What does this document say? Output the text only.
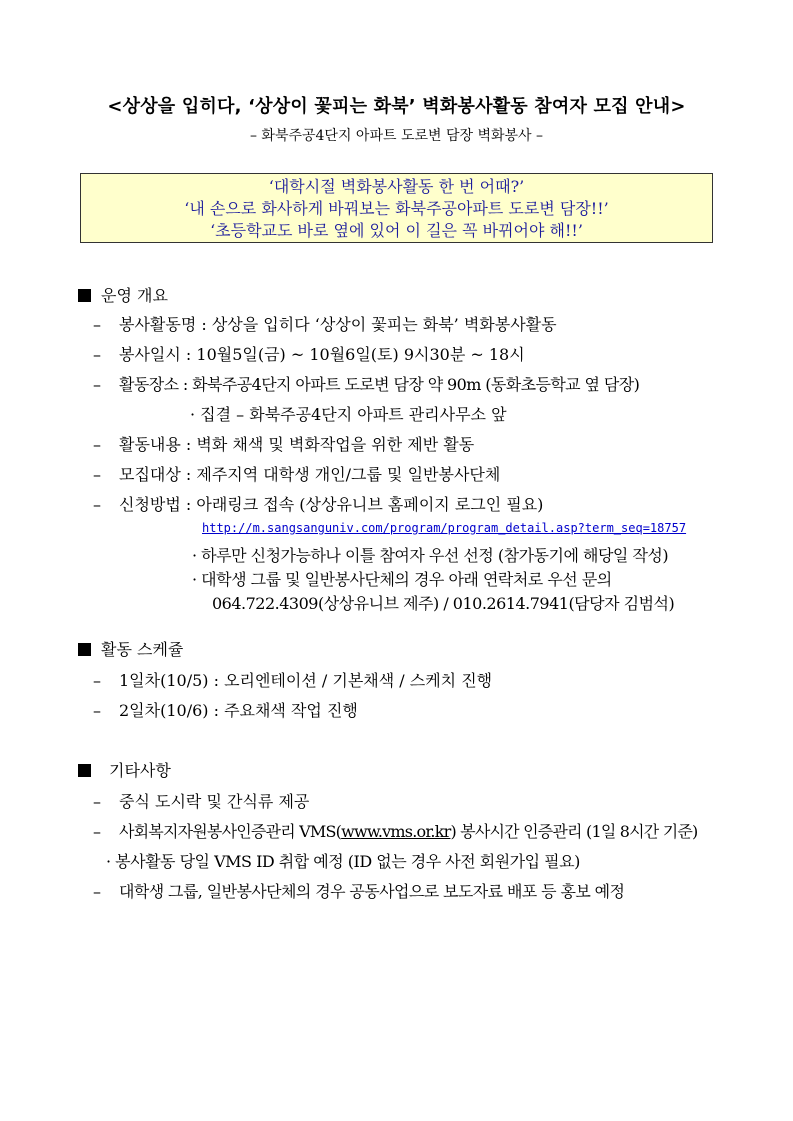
<상상을 입히다, ‘상상이 꽃피는 화북’ 벽화봉사활동 참여자 모집 안내>
– 화북주공4단지 아파트 도로변 담장 벽화봉사 –
‘대학시절 벽화봉사활동 한 번 어때?’
‘내 손으로 화사하게 바꿔보는 화북주공아파트 도로변 담장!!’
‘초등학교도 바로 옆에 있어 이 길은 꼭 바뀌어야 해!!’
운영 개요
– 봉사활동명 : 상상을 입히다 ‘상상이 꽃피는 화북’ 벽화봉사활동
– 봉사일시 : 10월5일(금) ~ 10월6일(토) 9시30분 ~ 18시
– 활동장소 : 화북주공4단지 아파트 도로변 담장 약 90m (동화초등학교 옆 담장)
· 집결 – 화북주공4단지 아파트 관리사무소 앞
– 활동내용 : 벽화 채색 및 벽화작업을 위한 제반 활동
– 모집대상 : 제주지역 대학생 개인/그룹 및 일반봉사단체
– 신청방법 : 아래링크 접속 (상상유니브 홈페이지 로그인 필요)
http://m.sangsanguniv.com/program/program_detail.asp?term_seq=18757
· 하루만 신청가능하나 이틀 참여자 우선 선정 (참가동기에 해당일 작성)
· 대학생 그룹 및 일반봉사단체의 경우 아래 연락처로 우선 문의
064.722.4309(상상유니브 제주) / 010.2614.7941(담당자 김범석)
활동 스케쥴
– 1일차(10/5) : 오리엔테이션 / 기본채색 / 스케치 진행
– 2일차(10/6) : 주요채색 작업 진행
기타사항
– 중식 도시락 및 간식류 제공
– 사회복지자원봉사인증관리 VMS(www.vms.or.kr) 봉사시간 인증관리 (1일 8시간 기준)
· 봉사활동 당일 VMS ID 취합 예정 (ID 없는 경우 사전 회원가입 필요)
– 대학생 그룹, 일반봉사단체의 경우 공동사업으로 보도자료 배포 등 홍보 예정
